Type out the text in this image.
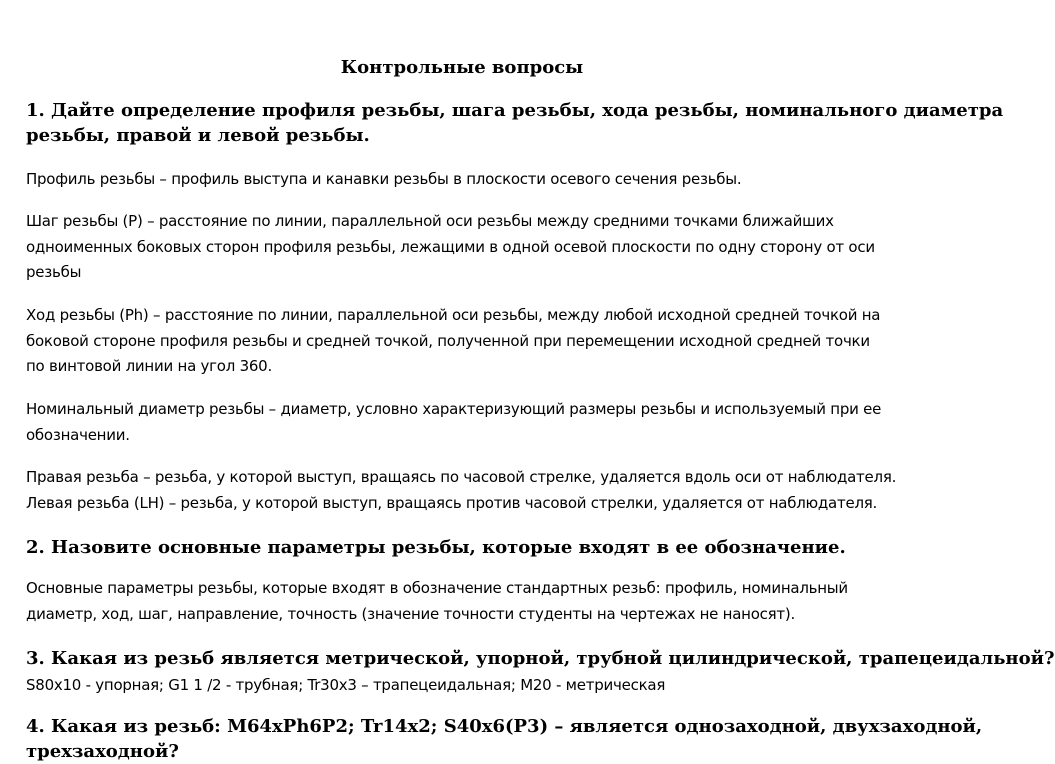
Контрольные вопросы
1. Дайте определение профиля резьбы, шага резьбы, хода резьбы, номинального диаметра
резьбы, правой и левой резьбы.
Профиль резьбы – профиль выступа и канавки резьбы в плоскости осевого сечения резьбы.
Шаг резьбы (P) – расстояние по линии, параллельной оси резьбы между средними точками ближайших
одноименных боковых сторон профиля резьбы, лежащими в одной осевой плоскости по одну сторону от оси
резьбы
Ход резьбы (Ph) – расстояние по линии, параллельной оси резьбы, между любой исходной средней точкой на
боковой стороне профиля резьбы и средней точкой, полученной при перемещении исходной средней точки
по винтовой линии на угол 360.
Номинальный диаметр резьбы – диаметр, условно характеризующий размеры резьбы и используемый при ее
обозначении.
Правая резьба – резьба, у которой выступ, вращаясь по часовой стрелке, удаляется вдоль оси от наблюдателя.
Левая резьба (LH) – резьба, у которой выступ, вращаясь против часовой стрелки, удаляется от наблюдателя.
2. Назовите основные параметры резьбы, которые входят в ее обозначение.
Основные параметры резьбы, которые входят в обозначение стандартных резьб: профиль, номинальный
диаметр, ход, шаг, направление, точность (значение точности студенты на чертежах не наносят).
3. Какая из резьб является метрической, упорной, трубной цилиндрической, трапецеидальной?
S80x10 - упорная; G1 1 /2 - трубная; Tr30x3 – трапецеидальная; M20 - метрическая
4. Какая из резьб: M64xPh6P2; Tr14x2; S40x6(P3) – является однозаходной, двухзаходной,
трехзаходной?
